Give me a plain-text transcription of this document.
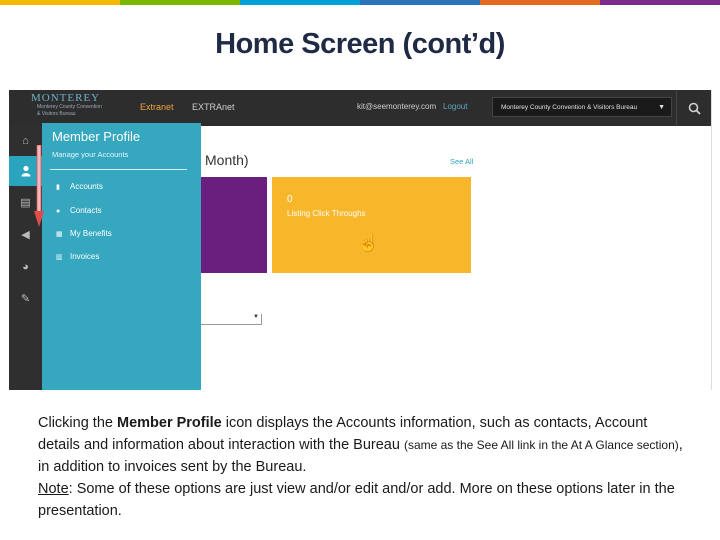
Home Screen (cont’d)
MONTEREY
Monterey County Convention
& Visitors Bureau
Extranet EXTRAnet	kit@seemonterey.com Logout	Monterey County Convention & Visitors Bureau	▼
⌂
▤
◀
◕
✎
Member Profile
Manage your Accounts
▮ Accounts
● Contacts
▦ My Benefits
▥ Invoices
Month)	See All
0
Listing Click Throughs
☝
▼
Clicking the Member Profile icon displays the Accounts information, such as contacts, Account details and information about interaction with the Bureau (same as the See All link in the At A Glance section), in addition to invoices sent by the Bureau.
Note: Some of these options are just view and/or edit and/or add. More on these options later in the presentation.
